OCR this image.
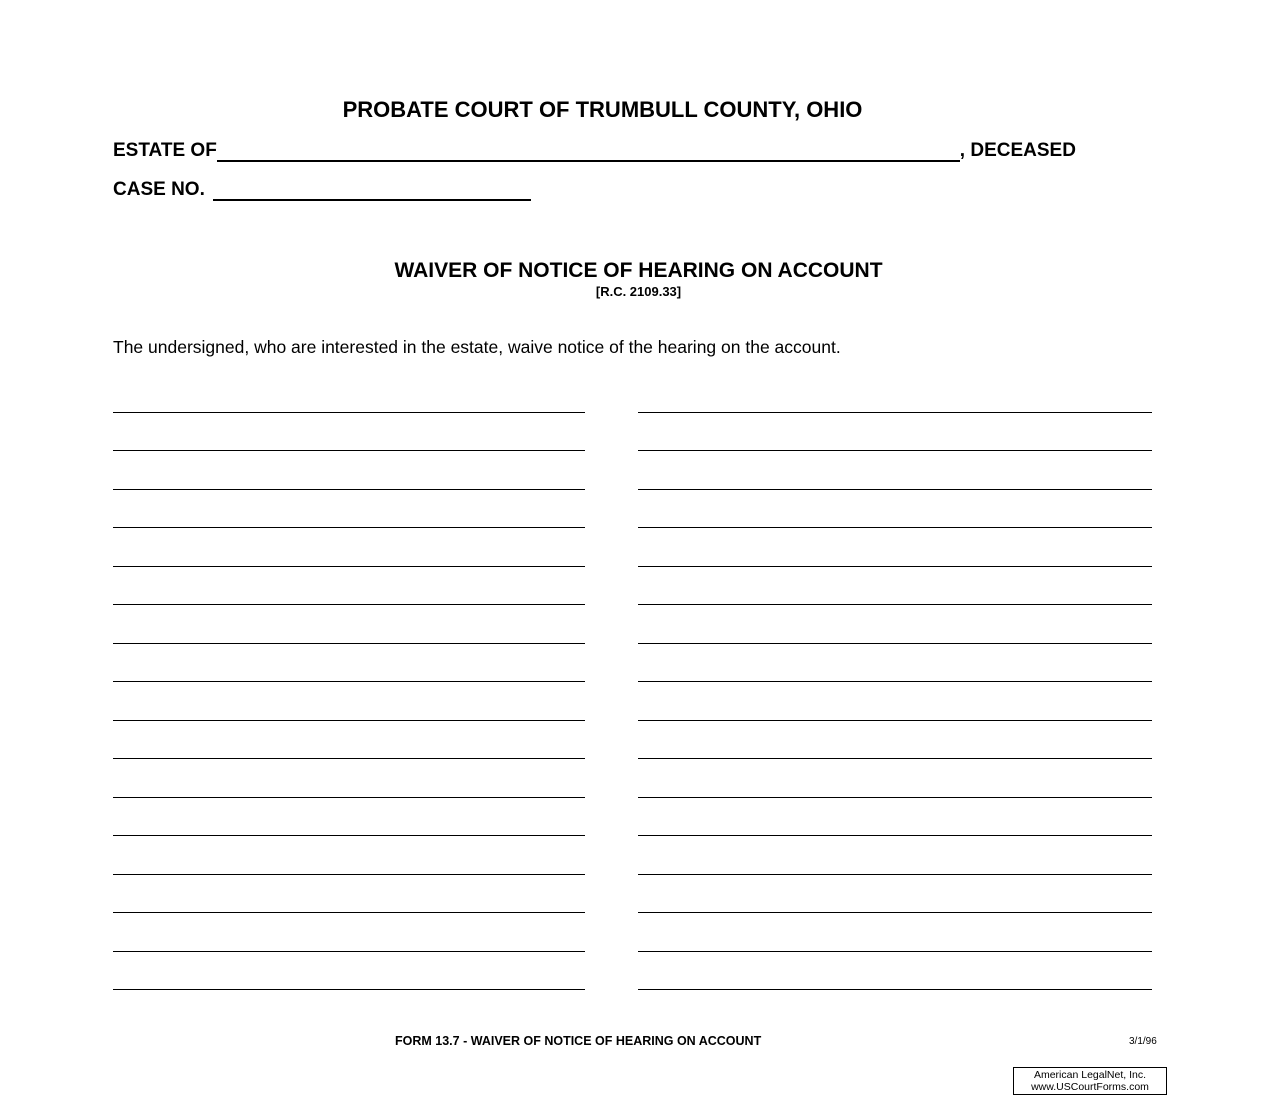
PROBATE COURT OF TRUMBULL COUNTY, OHIO
ESTATE OF	, DECEASED
CASE NO.
WAIVER OF NOTICE OF HEARING ON ACCOUNT
[R.C. 2109.33]
The undersigned, who are interested in the estate, waive notice of the hearing on the account.
FORM 13.7 - WAIVER OF NOTICE OF HEARING ON ACCOUNT	3/1/96
American LegalNet, Inc.
www.USCourtForms.com
